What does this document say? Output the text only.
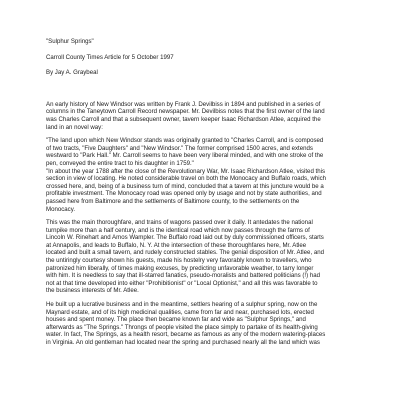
"Sulphur Springs"
Carroll County Times Article for 5 October 1997
By Jay A. Graybeal
An early history of New Windsor was written by Frank J. Devilbiss in 1894 and published in a series of
columns in the Taneytown Carroll Record newspaper. Mr. Devilbiss notes that the first owner of the land
was Charles Carroll and that a subsequent owner, tavern keeper Isaac Richardson Atlee, acquired the
land in an novel way:
"The land upon which New Windsor stands was originally granted to "Charles Carroll, and is composed
of two tracts, "Five Daughters" and "New Windsor." The former comprised 1500 acres, and extends
westward to "Park Hall." Mr. Carroll seems to have been very liberal minded, and with one stroke of the
pen, conveyed the entire tract to his daughter in 1759."
"In about the year 1788 after the close of the Revolutionary War, Mr. Isaac Richardson Atlee, visited this
section in view of locating. He noted considerable travel on both the Monocacy and Buffalo roads, which
crossed here, and, being of a business turn of mind, concluded that a tavern at this juncture would be a
profitable investment. The Monocacy road was opened only by usage and not by state authorities, and
passed here from Baltimore and the settlements of Baltimore county, to the settlements on the
Monocacy.
This was the main thoroughfare, and trains of wagons passed over it daily. It antedates the national
turnpike more than a half century, and is the identical road which now passes through the farms of
Lincoln W. Rinehart and Amos Wampler. The Buffalo road laid out by duly commissioned officers, starts
at Annapolis, and leads to Buffalo, N. Y. At the intersection of these thoroughfares here, Mr. Atlee
located and built a small tavern, and rudely constructed stables. The genial disposition of Mr. Atlee, and
the untiringly courtesy shown his guests, made his hostelry very favorably known to travellers, who
patronized him liberally, of times making excuses, by predicting unfavorable weather, to tarry longer
with him. It is needless to say that ill-starred fanatics, pseudo-moralists and battered politicians (!) had
not at that time developed into either "Prohibitionist" or "Local Optionist," and all this was favorable to
the business interests of Mr. Atlee.
He built up a lucrative business and in the meantime, settlers hearing of a sulphur spring, now on the
Maynard estate, and of its high medicinal qualities, came from far and near, purchased lots, erected
houses and spent money. The place then became known far and wide as "Sulphur Springs," and
afterwards as "The Springs." Throngs of people visited the place simply to partake of its health-giving
water. In fact, The Springs, as a health resort, became as famous as any of the modern watering-places
in Virginia. An old gentleman had located near the spring and purchased nearly all the land which was
